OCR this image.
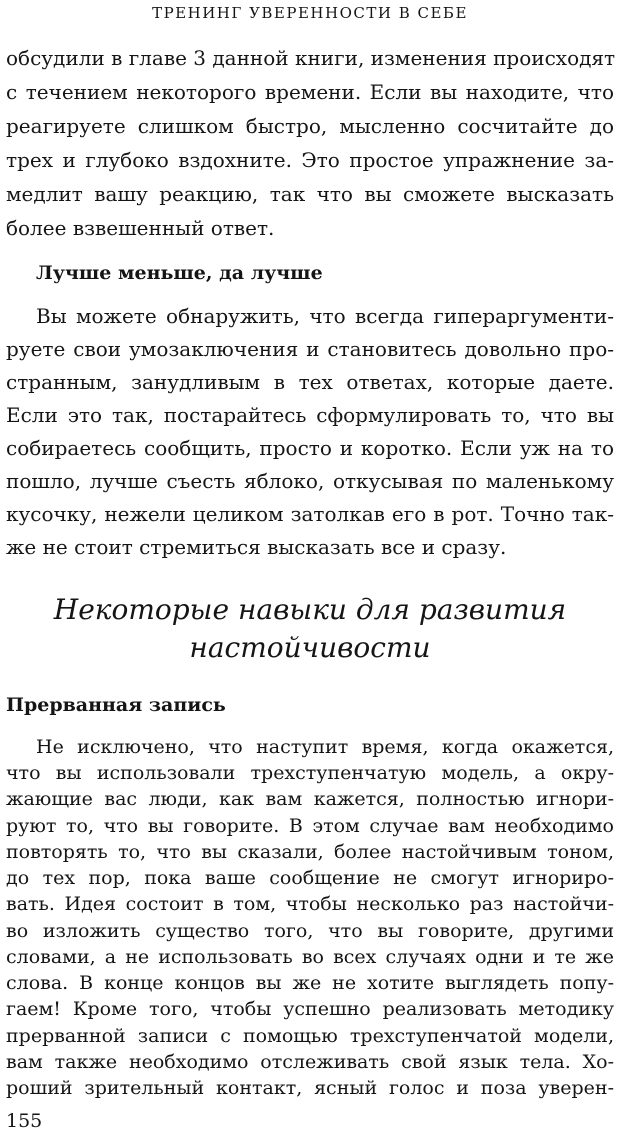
ТРЕНИНГ УВЕРЕННОСТИ В СЕБЕ
обсудили в главе 3 данной книги, изменения происходят
с течением некоторого времени. Если вы находите, что
реагируете слишком быстро, мысленно сосчитайте до
трех и глубоко вздохните. Это простое упражнение за-
медлит вашу реакцию, так что вы сможете высказать
более взвешенный ответ.
Лучше меньше, да лучше
Вы можете обнаружить, что всегда гипераргументи-
руете свои умозаключения и становитесь довольно про-
странным, занудливым в тех ответах, которые даете.
Если это так, постарайтесь сформулировать то, что вы
собираетесь сообщить, просто и коротко. Если уж на то
пошло, лучше съесть яблоко, откусывая по маленькому
кусочку, нежели целиком затолкав его в рот. Точно так-
же не стоит стремиться высказать все и сразу.
Некоторые навыки для развития
настойчивости
Прерванная запись
Не исключено, что наступит время, когда окажется,
что вы использовали трехступенчатую модель, а окру-
жающие вас люди, как вам кажется, полностью игнори-
руют то, что вы говорите. В этом случае вам необходимо
повторять то, что вы сказали, более настойчивым тоном,
до тех пор, пока ваше сообщение не смогут игнориро-
вать. Идея состоит в том, чтобы несколько раз настойчи-
во изложить существо того, что вы говорите, другими
словами, а не использовать во всех случаях одни и те же
слова. В конце концов вы же не хотите выглядеть попу-
гаем! Кроме того, чтобы успешно реализовать методику
прерванной записи с помощью трехступенчатой модели,
вам также необходимо отслеживать свой язык тела. Хо-
роший зрительный контакт, ясный голос и поза уверен-
155
